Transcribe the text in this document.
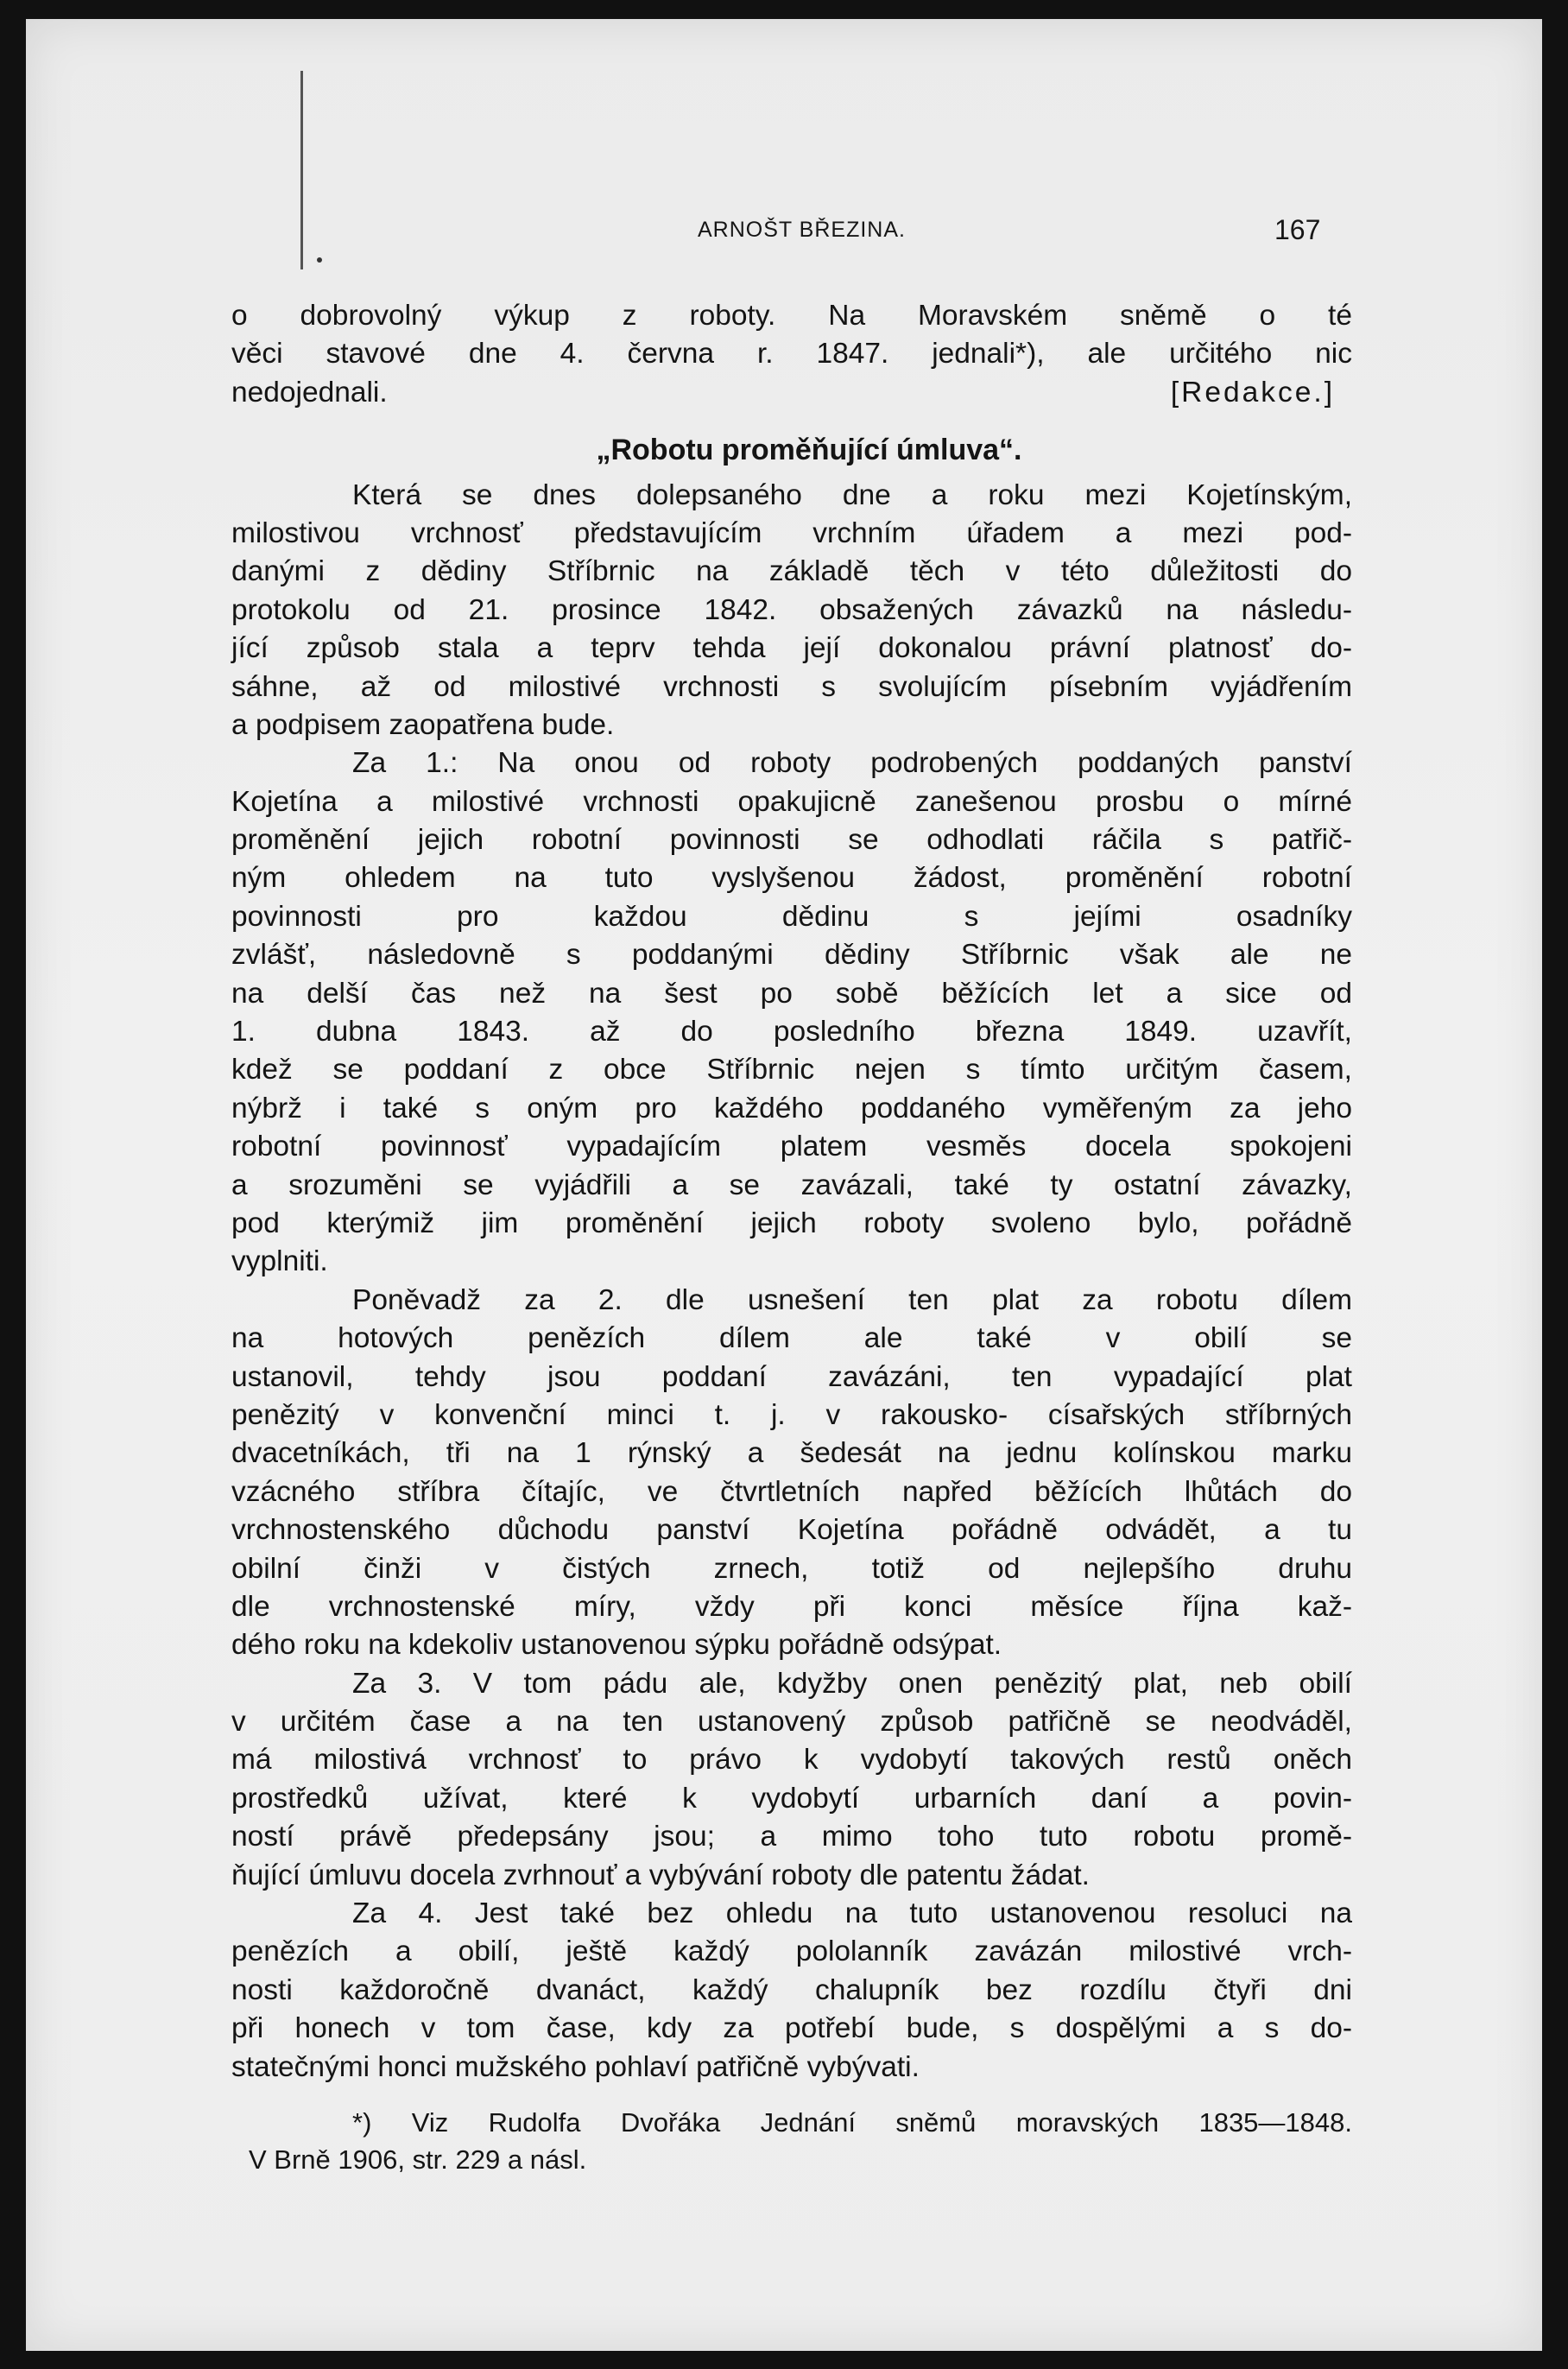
ARNOŠT BŘEZINA.	167
o dobrovolný výkup z roboty. Na Moravském sněmě o té
věci stavové dne 4. června r. 1847. jednali*), ale určitého nic
nedojednali.	[Redakce.]
„Robotu proměňující úmluva“.
Která se dnes dolepsaného dne a roku mezi Kojetínským,
milostivou vrchnosť představujícím vrchním úřadem a mezi pod-
danými z dědiny Stříbrnic na základě těch v této důležitosti do
protokolu od 21. prosince 1842. obsažených závazků na následu-
jící způsob stala a teprv tehda její dokonalou právní platnosť do-
sáhne, až od milostivé vrchnosti s svolujícím písebním vyjádřením
a podpisem zaopatřena bude.
Za 1.: Na onou od roboty podrobených poddaných panství
Kojetína a milostivé vrchnosti opakujicně zanešenou prosbu o mírné
proměnění jejich robotní povinnosti se odhodlati ráčila s patřič-
ným ohledem na tuto vyslyšenou žádost, proměnění robotní
povinnosti pro každou dědinu s jejími osadníky
zvlášť, následovně s poddanými dědiny Stříbrnic však ale ne
na delší čas než na šest po sobě běžících let a sice od
1. dubna 1843. až do posledního března 1849. uzavřít,
kdež se poddaní z obce Stříbrnic nejen s tímto určitým časem,
nýbrž i také s oným pro každého poddaného vyměřeným za jeho
robotní povinnosť vypadajícím platem vesměs docela spokojeni
a srozuměni se vyjádřili a se zavázali, také ty ostatní závazky,
pod kterýmiž jim proměnění jejich roboty svoleno bylo, pořádně
vyplniti.
Poněvadž za 2. dle usnešení ten plat za robotu dílem
na hotových penězích dílem ale také v obilí se
ustanovil, tehdy jsou poddaní zavázáni, ten vypadající plat
penězitý v konvenční minci t. j. v rakousko- císařských stříbrných
dvacetníkách, tři na 1 rýnský a šedesát na jednu kolínskou marku
vzácného stříbra čítajíc, ve čtvrtletních napřed běžících lhůtách do
vrchnostenského důchodu panství Kojetína pořádně odvádět, a tu
obilní činži v čistých zrnech, totiž od nejlepšího druhu
dle vrchnostenské míry, vždy při konci měsíce října kaž-
dého roku na kdekoliv ustanovenou sýpku pořádně odsýpat.
Za 3. V tom pádu ale, kdyžby onen penězitý plat, neb obilí
v určitém čase a na ten ustanovený způsob patřičně se neodváděl,
má milostivá vrchnosť to právo k vydobytí takových restů oněch
prostředků užívat, které k vydobytí urbarních daní a povin-
ností právě předepsány jsou; a mimo toho tuto robotu promě-
ňující úmluvu docela zvrhnouť a vybývání roboty dle patentu žádat.
Za 4. Jest také bez ohledu na tuto ustanovenou resoluci na
penězích a obilí, ještě každý pololanník zavázán milostivé vrch-
nosti každoročně dvanáct, každý chalupník bez rozdílu čtyři dni
při honech v tom čase, kdy za potřebí bude, s dospělými a s do-
statečnými honci mužského pohlaví patřičně vybývati.
*) Viz Rudolfa Dvořáka Jednání sněmů moravských 1835—1848.
V Brně 1906, str. 229 a násl.
